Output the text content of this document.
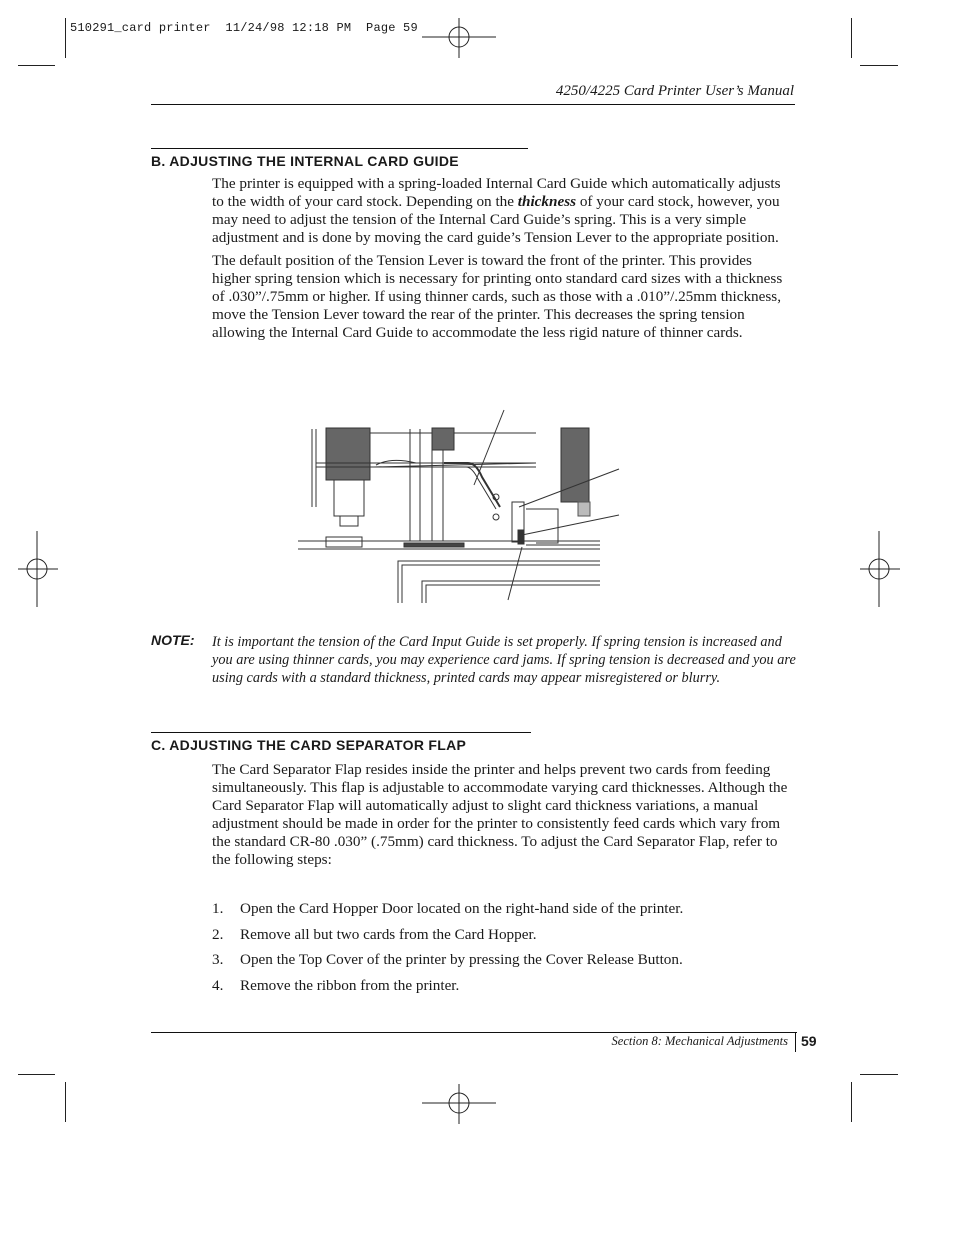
510291_card printer  11/24/98 12:18 PM  Page 59
4250/4225 Card Printer User’s Manual
B. ADJUSTING THE INTERNAL CARD GUIDE

The printer is equipped with a spring-loaded Internal Card Guide which automatically adjusts to the width of your card stock. Depending on the thickness of your card stock, however, you may need to adjust the tension of the Internal Card Guide’s spring. This is a very simple adjustment and is done by moving the card guide’s Tension Lever to the appropriate position.

The default position of the Tension Lever is toward the front of the printer. This provides higher spring tension which is necessary for printing onto standard card sizes with a thickness of .030”/.75mm or higher. If using thinner cards, such as those with a .010”/.25mm thickness, move the Tension Lever toward the rear of the printer. This decreases the spring tension allowing the Internal Card Guide to accommodate the less rigid nature of thinner cards.

NOTE: It is important the tension of the Card Input Guide is set properly. If spring tension is increased and you are using thinner cards, you may experience card jams. If spring tension is decreased and you are using cards with a standard thickness, printed cards may appear misregistered or blurry.
C. ADJUSTING THE CARD SEPARATOR FLAP

The Card Separator Flap resides inside the printer and helps prevent two cards from feeding simultaneously. This flap is adjustable to accommodate varying card thicknesses. Although the Card Separator Flap will automatically adjust to slight card thickness variations, a manual adjustment should be made in order for the printer to consistently feed cards which vary from the standard CR-80 .030” (.75mm) card thickness. To adjust the Card Separator Flap, refer to the following steps:

1.	Open the Card Hopper Door located on the right-hand side of the printer.
2.	Remove all but two cards from the Card Hopper.
3.	Open the Top Cover of the printer by pressing the Cover Release Button.
4.	Remove the ribbon from the printer.
Section 8: Mechanical Adjustments 59
